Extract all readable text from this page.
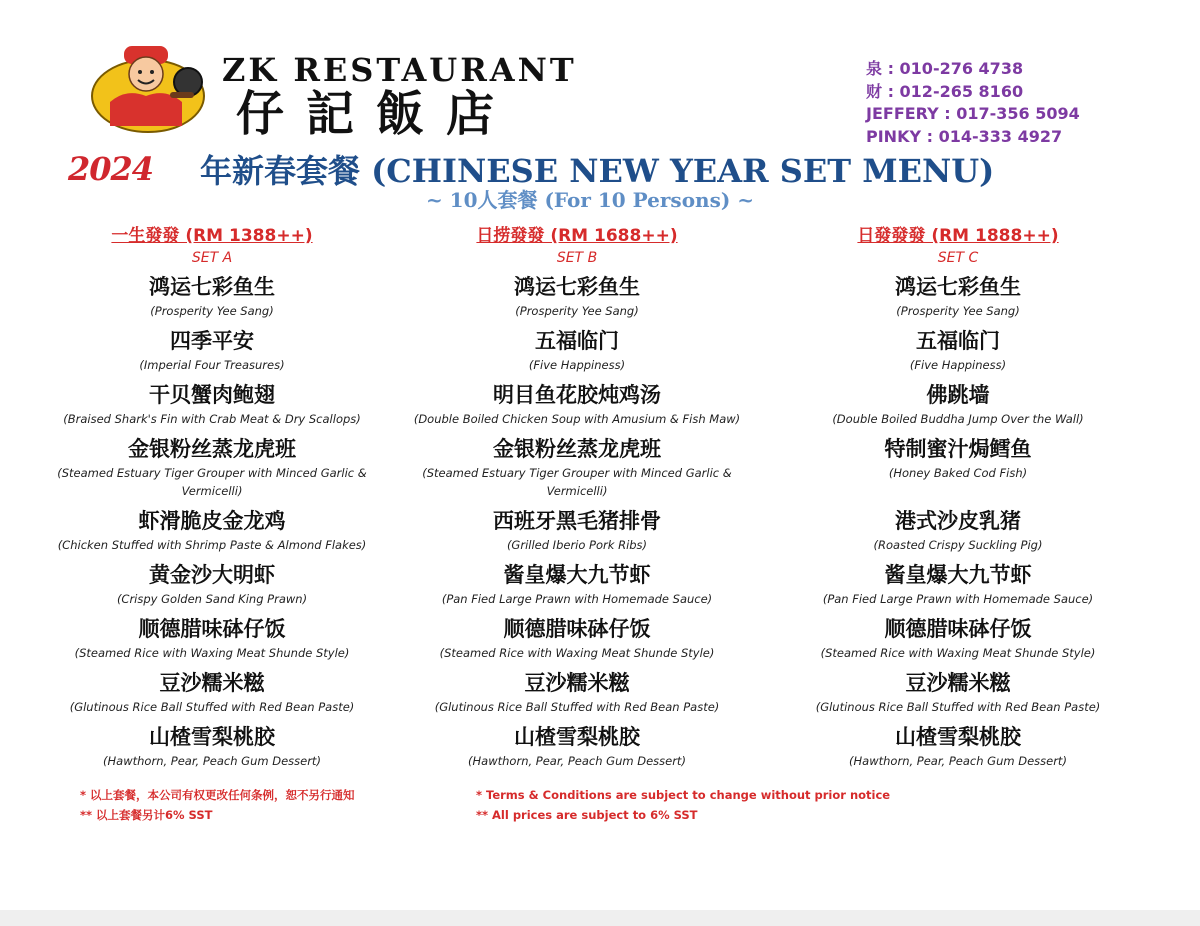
ZK RESTAURANT
仔記飯店
泉 : 010-276 4738
财 : 012-265 8160
JEFFERY : 017-356 5094
PINKY : 014-333 4927
2024 年新春套餐 (CHINESE NEW YEAR SET MENU)
~ 10人套餐 (For 10 Persons) ~
一生發發 (RM 1388++)
SET A
鸿运七彩鱼生
(Prosperity Yee Sang)
四季平安
(Imperial Four Treasures)
干贝蟹肉鲍翅
(Braised Shark's Fin with Crab Meat & Dry Scallops)
金银粉丝蒸龙虎班
(Steamed Estuary Tiger Grouper with Minced Garlic & Vermicelli)
虾滑脆皮金龙鸡
(Chicken Stuffed with Shrimp Paste & Almond Flakes)
黄金沙大明虾
(Crispy Golden Sand King Prawn)
顺德腊味砵仔饭
(Steamed Rice with Waxing Meat Shunde Style)
豆沙糯米糍
(Glutinous Rice Ball Stuffed with Red Bean Paste)
山楂雪梨桃胶
(Hawthorn, Pear, Peach Gum Dessert)
日捞發發 (RM 1688++)
SET B
鸿运七彩鱼生
(Prosperity Yee Sang)
五福临门
(Five Happiness)
明目鱼花胶炖鸡汤
(Double Boiled Chicken Soup with Amusium & Fish Maw)
金银粉丝蒸龙虎班
(Steamed Estuary Tiger Grouper with Minced Garlic & Vermicelli)
西班牙黑毛猪排骨
(Grilled Iberio Pork Ribs)
酱皇爆大九节虾
(Pan Fied Large Prawn with Homemade Sauce)
顺德腊味砵仔饭
(Steamed Rice with Waxing Meat Shunde Style)
豆沙糯米糍
(Glutinous Rice Ball Stuffed with Red Bean Paste)
山楂雪梨桃胶
(Hawthorn, Pear, Peach Gum Dessert)
日發發發 (RM 1888++)
SET C
鸿运七彩鱼生
(Prosperity Yee Sang)
五福临门
(Five Happiness)
佛跳墙
(Double Boiled Buddha Jump Over the Wall)
特制蜜汁焗鳕鱼
(Honey Baked Cod Fish)
港式沙皮乳猪
(Roasted Crispy Suckling Pig)
酱皇爆大九节虾
(Pan Fied Large Prawn with Homemade Sauce)
顺德腊味砵仔饭
(Steamed Rice with Waxing Meat Shunde Style)
豆沙糯米糍
(Glutinous Rice Ball Stuffed with Red Bean Paste)
山楂雪梨桃胶
(Hawthorn, Pear, Peach Gum Dessert)
* 以上套餐，本公司有权更改任何条例，恕不另行通知
** 以上套餐另计6% SST
* Terms & Conditions are subject to change without prior notice
** All prices are subject to 6% SST
